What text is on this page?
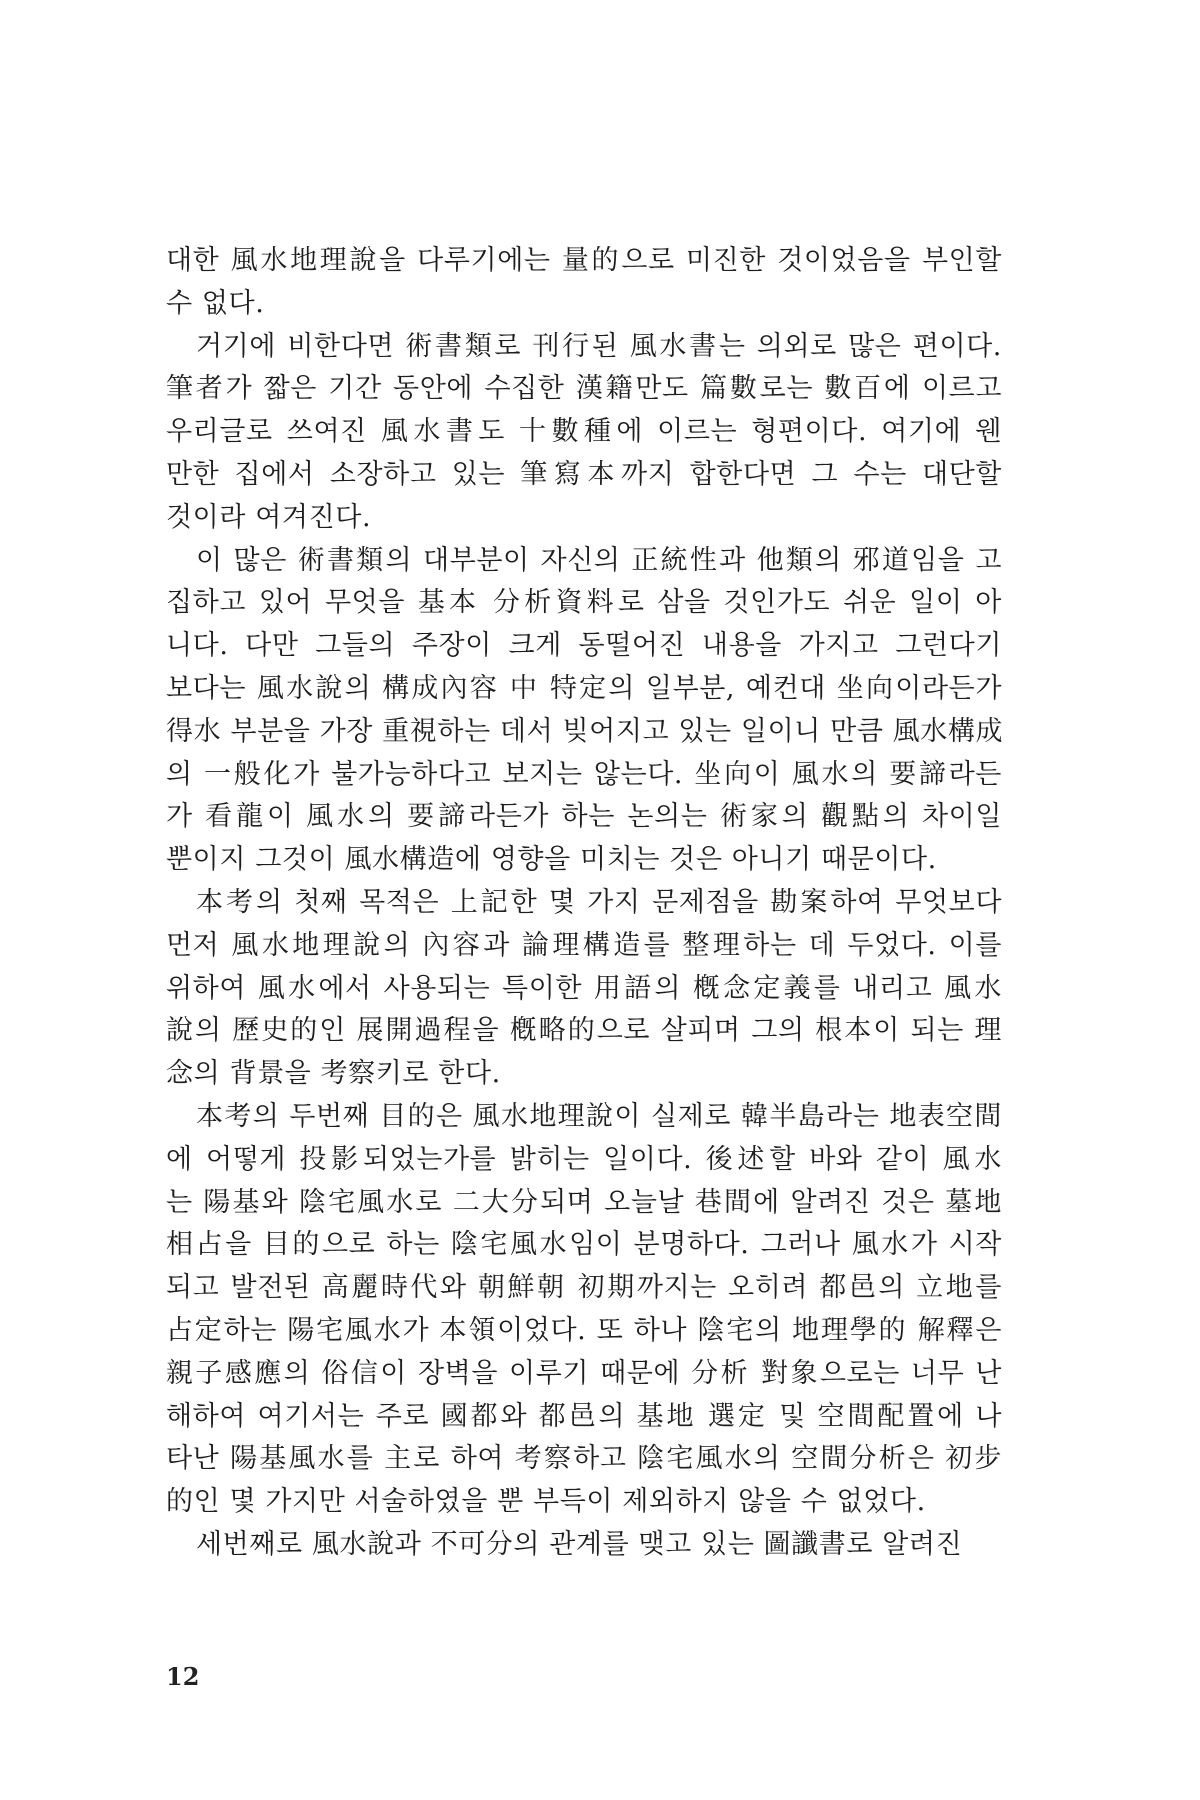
대한 風水地理說을 다루기에는 量的으로 미진한 것이었음을 부인할
수 없다.
거기에 비한다면 術書類로 刊行된 風水書는 의외로 많은 편이다.
筆者가 짧은 기간 동안에 수집한 漢籍만도 篇數로는 數百에 이르고
우리글로 쓰여진 風水書도 十數種에 이르는 형편이다. 여기에 웬
만한 집에서 소장하고 있는 筆寫本까지 합한다면 그 수는 대단할
것이라 여겨진다.
이 많은 術書類의 대부분이 자신의 正統性과 他類의 邪道임을 고
집하고 있어 무엇을 基本 分析資料로 삼을 것인가도 쉬운 일이 아
니다. 다만 그들의 주장이 크게 동떨어진 내용을 가지고 그런다기
보다는 風水說의 構成內容 中 特定의 일부분, 예컨대 坐向이라든가
得水 부분을 가장 重視하는 데서 빚어지고 있는 일이니 만큼 風水構成
의 一般化가 불가능하다고 보지는 않는다. 坐向이 風水의 要諦라든
가 看龍이 風水의 要諦라든가 하는 논의는 術家의 觀點의 차이일
뿐이지 그것이 風水構造에 영향을 미치는 것은 아니기 때문이다.
本考의 첫째 목적은 上記한 몇 가지 문제점을 勘案하여 무엇보다
먼저 風水地理說의 內容과 論理構造를 整理하는 데 두었다. 이를
위하여 風水에서 사용되는 특이한 用語의 槪念定義를 내리고 風水
說의 歷史的인 展開過程을 槪略的으로 살피며 그의 根本이 되는 理
念의 背景을 考察키로 한다.
本考의 두번째 目的은 風水地理說이 실제로 韓半島라는 地表空間
에 어떻게 投影되었는가를 밝히는 일이다. 後述할 바와 같이 風水
는 陽基와 陰宅風水로 二大分되며 오늘날 巷間에 알려진 것은 墓地
相占을 目的으로 하는 陰宅風水임이 분명하다. 그러나 風水가 시작
되고 발전된 高麗時代와 朝鮮朝 初期까지는 오히려 都邑의 立地를
占定하는 陽宅風水가 本領이었다. 또 하나 陰宅의 地理學的 解釋은
親子感應의 俗信이 장벽을 이루기 때문에 分析 對象으로는 너무 난
해하여 여기서는 주로 國都와 都邑의 基地 選定 및 空間配置에 나
타난 陽基風水를 主로 하여 考察하고 陰宅風水의 空間分析은 初步
的인 몇 가지만 서술하였을 뿐 부득이 제외하지 않을 수 없었다.
세번째로 風水說과 不可分의 관계를 맺고 있는 圖讖書로 알려진
12
